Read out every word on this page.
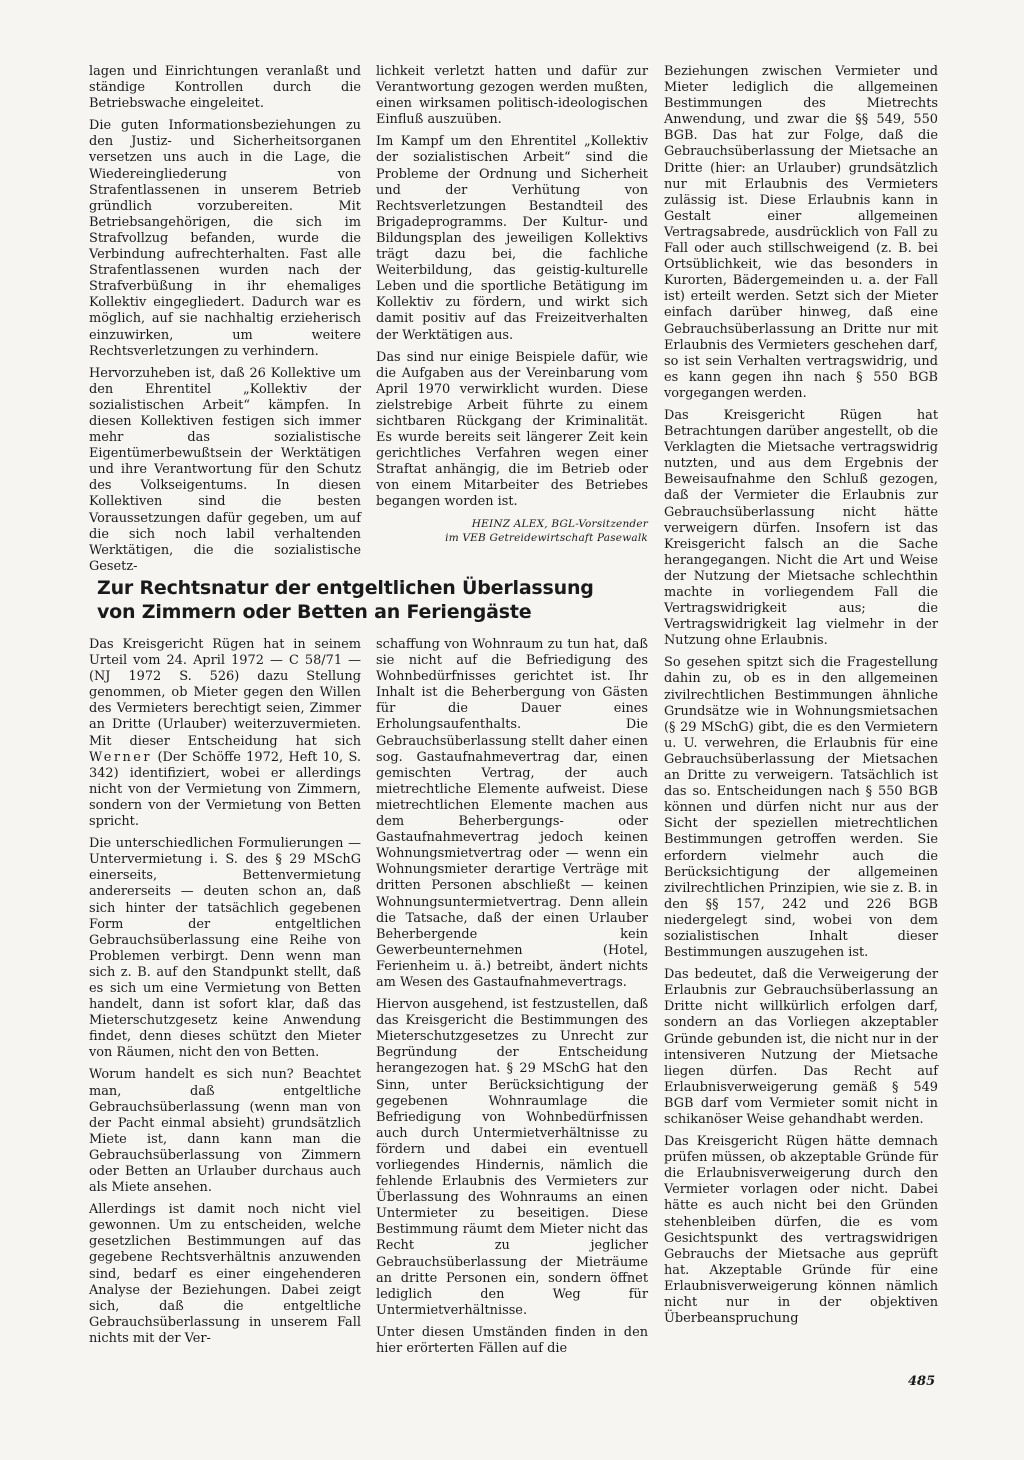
lagen und Einrichtungen veranlaßt und ständige Kontrollen durch die Betriebswache eingeleitet.

Die guten Informationsbeziehungen zu den Justiz- und Sicherheitsorganen versetzen uns auch in die Lage, die Wiedereingliederung von Strafentlassenen in unserem Betrieb gründlich vorzubereiten. Mit Betriebsangehörigen, die sich im Strafvollzug befanden, wurde die Verbindung aufrechterhalten. Fast alle Strafentlassenen wurden nach der Strafverbüßung in ihr ehemaliges Kollektiv eingegliedert. Dadurch war es möglich, auf sie nachhaltig erzieherisch einzuwirken, um weitere Rechtsverletzungen zu verhindern.

Hervorzuheben ist, daß 26 Kollektive um den Ehrentitel „Kollektiv der sozialistischen Arbeit“ kämpfen. In diesen Kollektiven festigen sich immer mehr das sozialistische Eigentümerbewußtsein der Werktätigen und ihre Verantwortung für den Schutz des Volkseigentums. In diesen Kollektiven sind die besten Voraussetzungen dafür gegeben, um auf die sich noch labil verhaltenden Werktätigen, die die sozialistische Gesetz-

lichkeit verletzt hatten und dafür zur Verantwortung gezogen werden mußten, einen wirksamen politisch-ideologischen Einfluß auszuüben.

Im Kampf um den Ehrentitel „Kollektiv der sozialistischen Arbeit“ sind die Probleme der Ordnung und Sicherheit und der Verhütung von Rechtsverletzungen Bestandteil des Brigadeprogramms. Der Kultur- und Bildungsplan des jeweiligen Kollektivs trägt dazu bei, die fachliche Weiterbildung, das geistig-kulturelle Leben und die sportliche Betätigung im Kollektiv zu fördern, und wirkt sich damit positiv auf das Freizeitverhalten der Werktätigen aus.

Das sind nur einige Beispiele dafür, wie die Aufgaben aus der Vereinbarung vom April 1970 verwirklicht wurden. Diese zielstrebige Arbeit führte zu einem sichtbaren Rückgang der Kriminalität. Es wurde bereits seit längerer Zeit kein gerichtliches Verfahren wegen einer Straftat anhängig, die im Betrieb oder von einem Mitarbeiter des Betriebes begangen worden ist.

HEINZ ALEX, BGL-Vorsitzender
im VEB Getreidewirtschaft Pasewalk

Beziehungen zwischen Vermieter und Mieter lediglich die allgemeinen Bestimmungen des Mietrechts Anwendung, und zwar die §§ 549, 550 BGB. Das hat zur Folge, daß die Gebrauchsüberlassung der Mietsache an Dritte (hier: an Urlauber) grundsätzlich nur mit Erlaubnis des Vermieters zulässig ist. Diese Erlaubnis kann in Gestalt einer allgemeinen Vertragsabrede, ausdrücklich von Fall zu Fall oder auch stillschweigend (z. B. bei Ortsüblichkeit, wie das besonders in Kurorten, Bädergemeinden u. a. der Fall ist) erteilt werden. Setzt sich der Mieter einfach darüber hinweg, daß eine Gebrauchsüberlassung an Dritte nur mit Erlaubnis des Vermieters geschehen darf, so ist sein Verhalten vertragswidrig, und es kann gegen ihn nach § 550 BGB vorgegangen werden.

Das Kreisgericht Rügen hat Betrachtungen darüber angestellt, ob die Verklagten die Mietsache vertragswidrig nutzten, und aus dem Ergebnis der Beweisaufnahme den Schluß gezogen, daß der Vermieter die Erlaubnis zur Gebrauchsüberlassung nicht hätte verweigern dürfen. Insofern ist das Kreisgericht falsch an die Sache herangegangen. Nicht die Art und Weise der Nutzung der Mietsache schlechthin machte in vorliegendem Fall die Vertragswidrigkeit aus; die Vertragswidrigkeit lag vielmehr in der Nutzung ohne Erlaubnis.

So gesehen spitzt sich die Fragestellung dahin zu, ob es in den allgemeinen zivilrechtlichen Bestimmungen ähnliche Grundsätze wie in Wohnungsmietsachen (§ 29 MSchG) gibt, die es den Vermietern u. U. verwehren, die Erlaubnis für eine Gebrauchsüberlassung der Mietsachen an Dritte zu verweigern. Tatsächlich ist das so. Entscheidungen nach § 550 BGB können und dürfen nicht nur aus der Sicht der speziellen mietrechtlichen Bestimmungen getroffen werden. Sie erfordern vielmehr auch die Berücksichtigung der allgemeinen zivilrechtlichen Prinzipien, wie sie z. B. in den §§ 157, 242 und 226 BGB niedergelegt sind, wobei von dem sozialistischen Inhalt dieser Bestimmungen auszugehen ist.

Das bedeutet, daß die Verweigerung der Erlaubnis zur Gebrauchsüberlassung an Dritte nicht willkürlich erfolgen darf, sondern an das Vorliegen akzeptabler Gründe gebunden ist, die nicht nur in der intensiveren Nutzung der Mietsache liegen dürfen. Das Recht auf Erlaubnisverweigerung gemäß § 549 BGB darf vom Vermieter somit nicht in schikanöser Weise gehandhabt werden.

Das Kreisgericht Rügen hätte demnach prüfen müssen, ob akzeptable Gründe für die Erlaubnisverweigerung durch den Vermieter vorlagen oder nicht. Dabei hätte es auch nicht bei den Gründen stehenbleiben dürfen, die es vom Gesichtspunkt des vertragswidrigen Gebrauchs der Mietsache aus geprüft hat. Akzeptable Gründe für eine Erlaubnisverweigerung können nämlich nicht nur in der objektiven Überbeanspruchung

Zur Rechtsnatur der entgeltlichen Überlassung
von Zimmern oder Betten an Feriengäste

Das Kreisgericht Rügen hat in seinem Urteil vom 24. April 1972 — C 58/71 — (NJ 1972 S. 526) dazu Stellung genommen, ob Mieter gegen den Willen des Vermieters berechtigt seien, Zimmer an Dritte (Urlauber) weiterzuvermieten. Mit dieser Entscheidung hat sich Werner (Der Schöffe 1972, Heft 10, S. 342) identifiziert, wobei er allerdings nicht von der Vermietung von Zimmern, sondern von der Vermietung von Betten spricht.

Die unterschiedlichen Formulierungen — Untervermietung i. S. des § 29 MSchG einerseits, Bettenvermietung andererseits — deuten schon an, daß sich hinter der tatsächlich gegebenen Form der entgeltlichen Gebrauchsüberlassung eine Reihe von Problemen verbirgt. Denn wenn man sich z. B. auf den Standpunkt stellt, daß es sich um eine Vermietung von Betten handelt, dann ist sofort klar, daß das Mieterschutzgesetz keine Anwendung findet, denn dieses schützt den Mieter von Räumen, nicht den von Betten.

Worum handelt es sich nun? Beachtet man, daß entgeltliche Gebrauchsüberlassung (wenn man von der Pacht einmal absieht) grundsätzlich Miete ist, dann kann man die Gebrauchsüberlassung von Zimmern oder Betten an Urlauber durchaus auch als Miete ansehen.

Allerdings ist damit noch nicht viel gewonnen. Um zu entscheiden, welche gesetzlichen Bestimmungen auf das gegebene Rechtsverhältnis anzuwenden sind, bedarf es einer eingehenderen Analyse der Beziehungen. Dabei zeigt sich, daß die entgeltliche Gebrauchsüberlassung in unserem Fall nichts mit der Ver-

schaffung von Wohnraum zu tun hat, daß sie nicht auf die Befriedigung des Wohnbedürfnisses gerichtet ist. Ihr Inhalt ist die Beherbergung von Gästen für die Dauer eines Erholungsaufenthalts. Die Gebrauchsüberlassung stellt daher einen sog. Gastaufnahmevertrag dar, einen gemischten Vertrag, der auch mietrechtliche Elemente aufweist. Diese mietrechtlichen Elemente machen aus dem Beherbergungs- oder Gastaufnahmevertrag jedoch keinen Wohnungsmietvertrag oder — wenn ein Wohnungsmieter derartige Verträge mit dritten Personen abschließt — keinen Wohnungsuntermietvertrag. Denn allein die Tatsache, daß der einen Urlauber Beherbergende kein Gewerbeunternehmen (Hotel, Ferienheim u. ä.) betreibt, ändert nichts am Wesen des Gastaufnahmevertrags.

Hiervon ausgehend, ist festzustellen, daß das Kreisgericht die Bestimmungen des Mieterschutzgesetzes zu Unrecht zur Begründung der Entscheidung herangezogen hat. § 29 MSchG hat den Sinn, unter Berücksichtigung der gegebenen Wohnraumlage die Befriedigung von Wohnbedürfnissen auch durch Untermietverhältnisse zu fördern und dabei ein eventuell vorliegendes Hindernis, nämlich die fehlende Erlaubnis des Vermieters zur Überlassung des Wohnraums an einen Untermieter zu beseitigen. Diese Bestimmung räumt dem Mieter nicht das Recht zu jeglicher Gebrauchsüberlassung der Mieträume an dritte Personen ein, sondern öffnet lediglich den Weg für Untermietverhältnisse.

Unter diesen Umständen finden in den hier erörterten Fällen auf die

485
